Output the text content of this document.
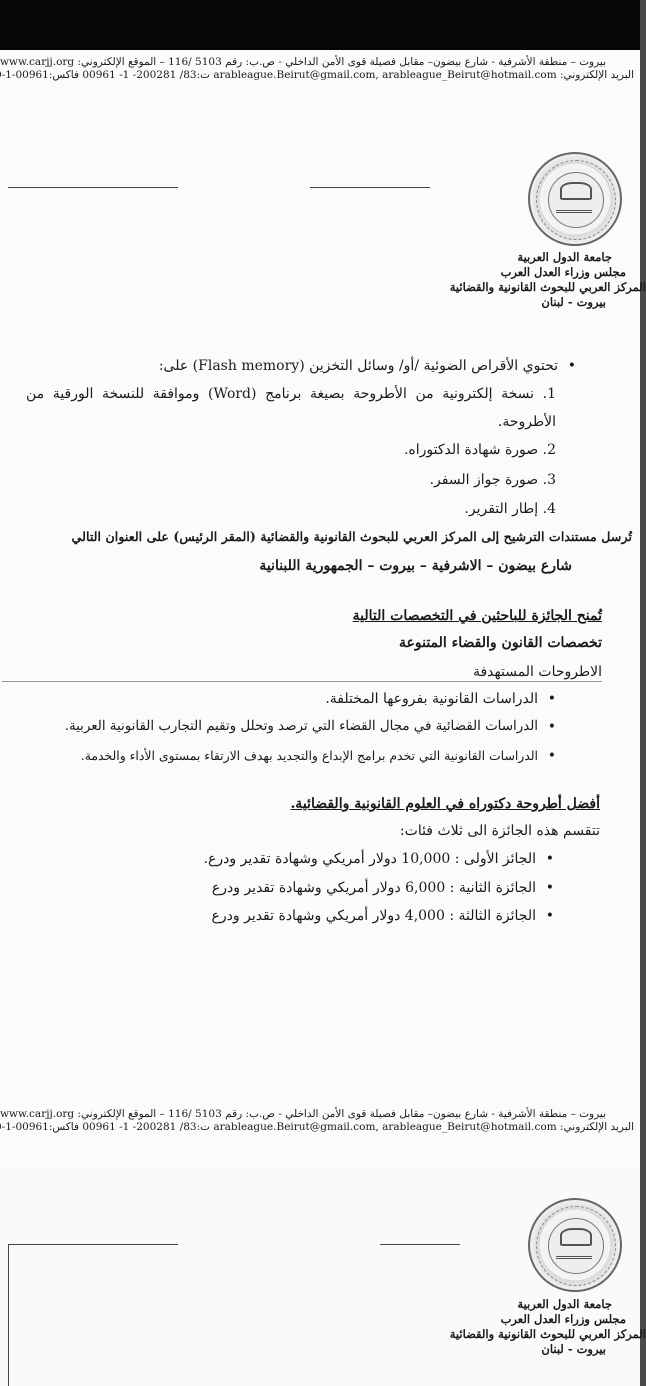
بيروت – منطقة الأشرفية - شارع بيضون– مقابل فصيلة قوى الأمن الداخلي - ص.ب: رقم 5103 /116 – الموقع الإلكتروني: www.carjj.org
البريد الإلكتروني: arableague.Beirut@gmail.com, arableague_Beirut@hotmail.com ت:83/ 200281- 1- 00961 فاكس:00961-1-
جامعة الدول العربية
مجلس وزراء العدل العرب
المركز العربي للبحوث القانونية والقضائية
بيروت - لبنان
• تحتوي الأقراص الضوئية /أو/ وسائل التخزين (Flash memory) على:
1. نسخة إلكترونية من الأطروحة بصيغة برنامج (Word) وموافقة للنسخة الورقية من
الأطروحة.
2. صورة شهادة الدكتوراه.
3. صورة جواز السفر.
4. إطار التقرير.
تُرسل مستندات الترشيح إلى المركز العربي للبحوث القانونية والقضائية (المقر الرئيس) على العنوان التالي
شارع بيضون – الاشرفية – بيروت – الجمهورية اللبنانية
تُمنح الجائزة للباحثين في التخصصات التالية
تخصصات القانون والقضاء المتنوعة
الاطروحات المستهدفة
• الدراسات القانونية بفروعها المختلفة.
• الدراسات القضائية في مجال القضاء التي ترصد وتحلل وتقيم التجارب القانونية العربية.
• الدراسات القانونية التي تخدم برامج الإبداع والتجديد بهدف الارتقاء بمستوى الأداء والخدمة.
أفضل أطروحة دكتوراه في العلوم القانونية والقضائية.
تتقسم هذه الجائزة الى ثلاث فئات:
• الجائز الأولى : 10,000 دولار أمريكي وشهادة تقدير ودرع.
• الجائزة الثانية : 6,000 دولار أمريكي وشهادة تقدير ودرع
• الجائزة الثالثة : 4,000 دولار أمريكي وشهادة تقدير ودرع
بيروت – منطقة الأشرفية - شارع بيضون– مقابل فصيلة قوى الأمن الداخلي - ص.ب: رقم 5103 /116 – الموقع الإلكتروني: www.carjj.org
البريد الإلكتروني: arableague.Beirut@gmail.com, arableague_Beirut@hotmail.com ت:83/ 200281- 1- 00961 فاكس:00961-1-
جامعة الدول العربية
مجلس وزراء العدل العرب
المركز العربي للبحوث القانونية والقضائية
بيروت - لبنان
